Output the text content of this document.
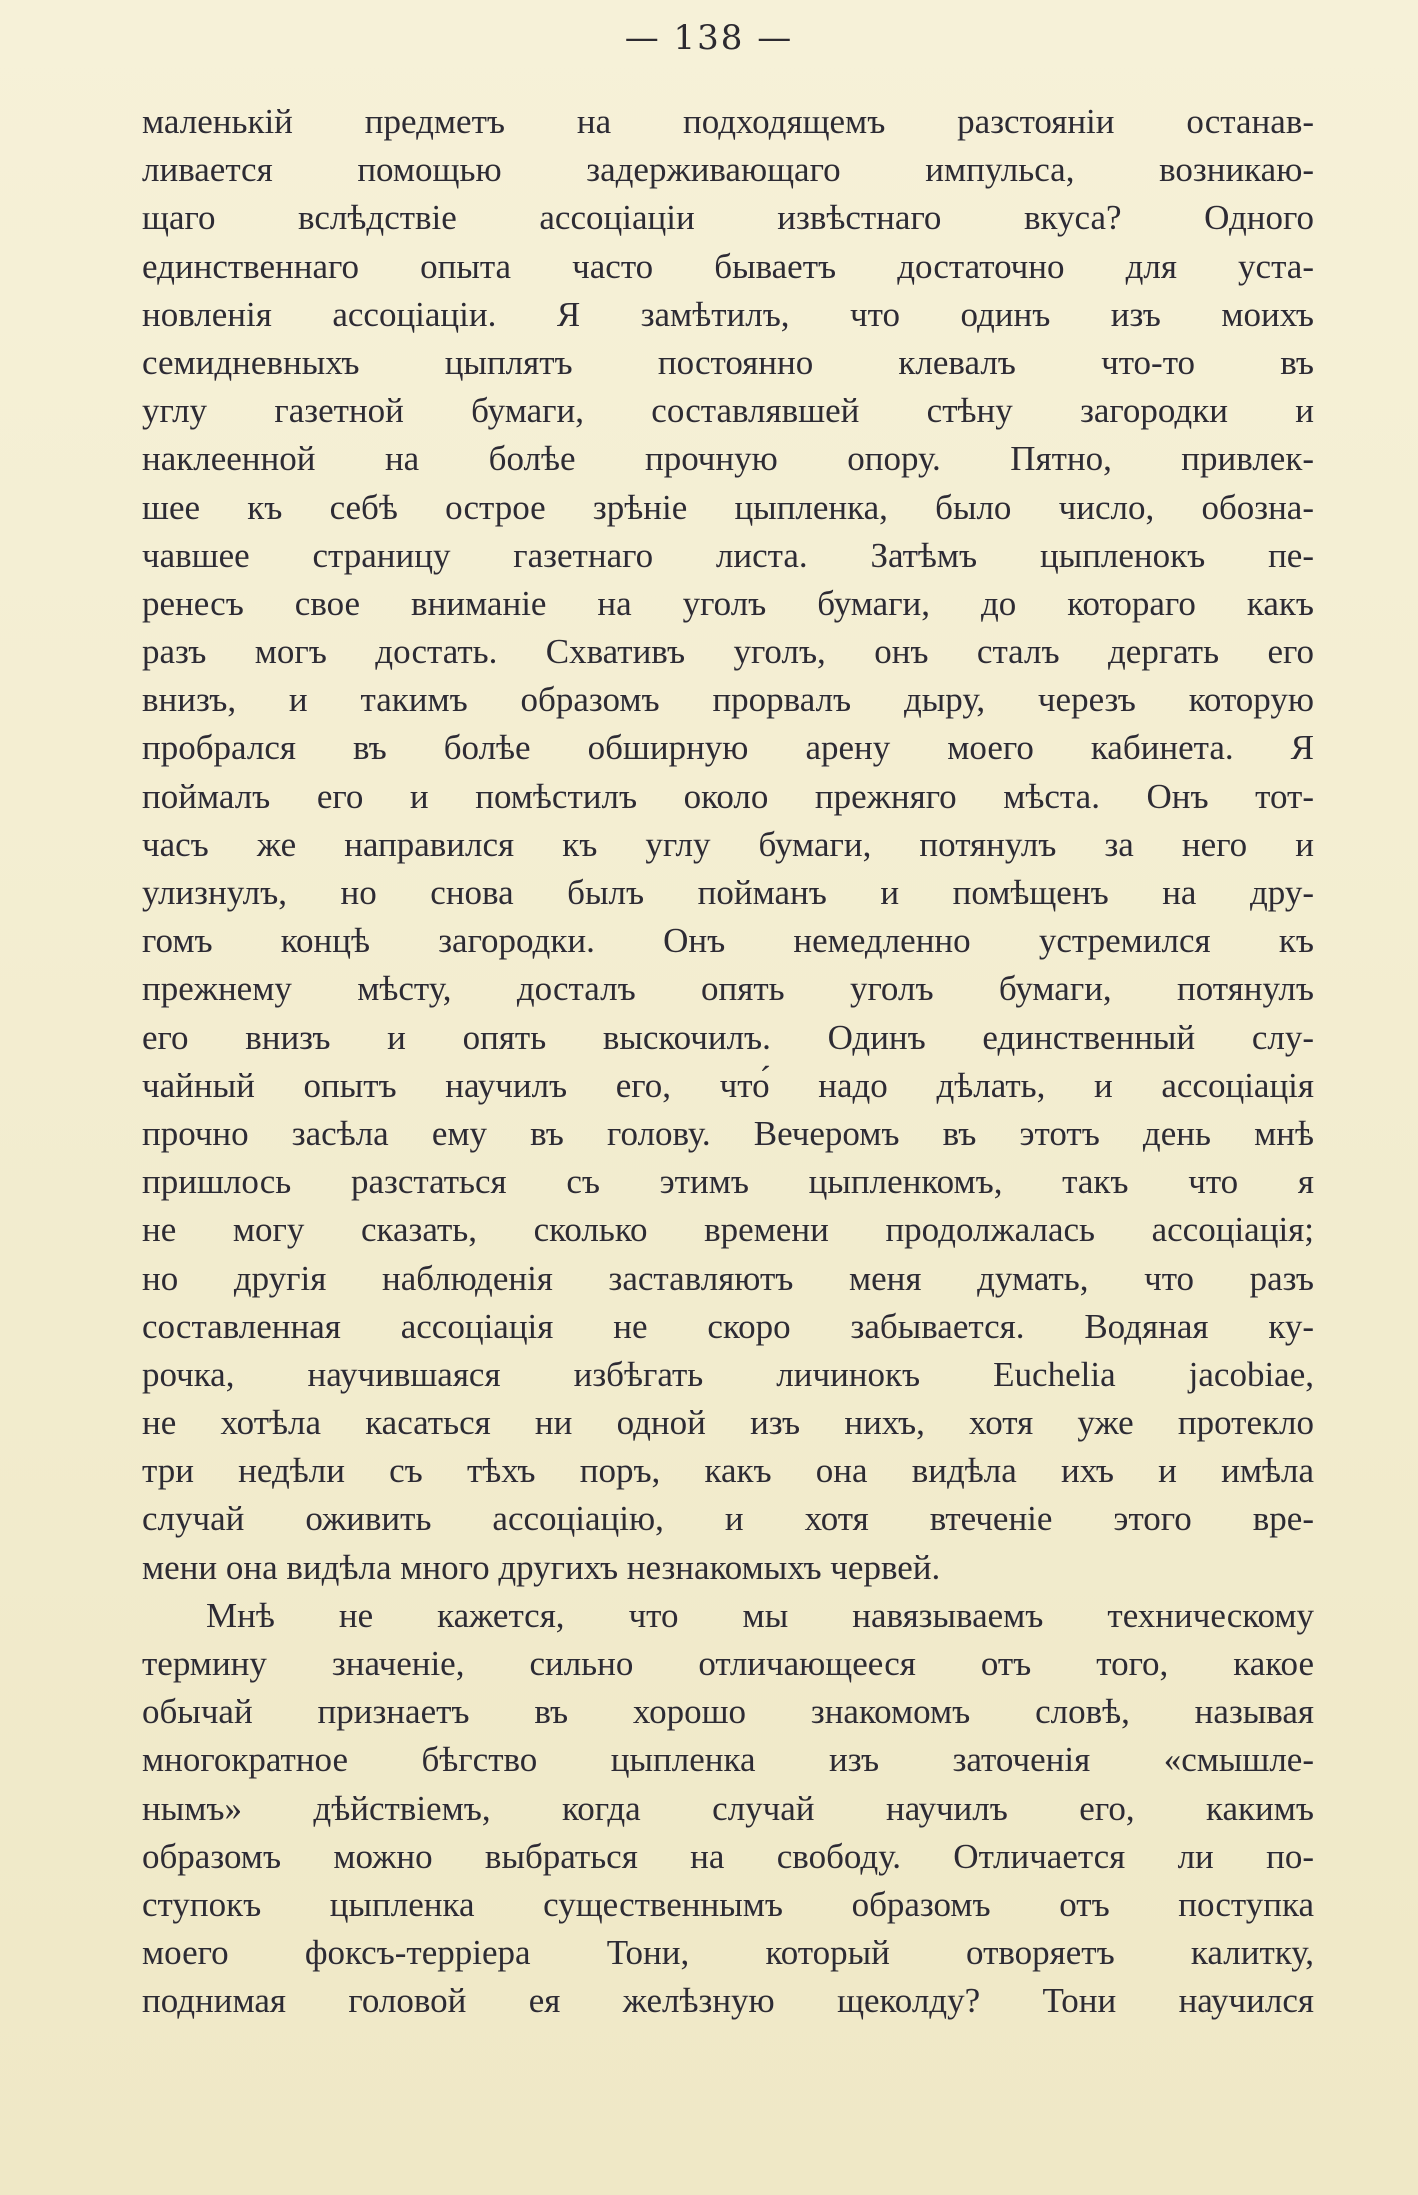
— 138 —
маленькій предметъ на подходящемъ разстояніи останав-
ливается помощью задерживающаго импульса, возникаю-
щаго вслѣдствіе ассоціаціи извѣстнаго вкуса? Одного
единственнаго опыта часто бываетъ достаточно для уста-
новленія ассоціаціи. Я замѣтилъ, что одинъ изъ моихъ
семидневныхъ цыплятъ постоянно клевалъ что-то въ
углу газетной бумаги, составлявшей стѣну загородки и
наклеенной на болѣе прочную опору. Пятно, привлек-
шее къ себѣ острое зрѣніе цыпленка, было число, обозна-
чавшее страницу газетнаго листа. Затѣмъ цыпленокъ пе-
ренесъ свое вниманіе на уголъ бумаги, до котораго какъ
разъ могъ достать. Схвативъ уголъ, онъ сталъ дергать его
внизъ, и такимъ образомъ прорвалъ дыру, черезъ которую
пробрался въ болѣе обширную арену моего кабинета. Я
поймалъ его и помѣстилъ около прежняго мѣста. Онъ тот-
часъ же направился къ углу бумаги, потянулъ за него и
улизнулъ, но снова былъ пойманъ и помѣщенъ на дру-
гомъ концѣ загородки. Онъ немедленно устремился къ
прежнему мѣсту, досталъ опять уголъ бумаги, потянулъ
его внизъ и опять выскочилъ. Одинъ единственный слу-
чайный опытъ научилъ его, что́ надо дѣлать, и ассоціація
прочно засѣла ему въ голову. Вечеромъ въ этотъ день мнѣ
пришлось разстаться съ этимъ цыпленкомъ, такъ что я
не могу сказать, сколько времени продолжалась ассоціація;
но другія наблюденія заставляютъ меня думать, что разъ
составленная ассоціація не скоро забывается. Водяная ку-
рочка, научившаяся избѣгать личинокъ Euchelia jacobiae,
не хотѣла касаться ни одной изъ нихъ, хотя уже протекло
три недѣли съ тѣхъ поръ, какъ она видѣла ихъ и имѣла
случай оживить ассоціацію, и хотя втеченіе этого вре-
мени она видѣла много другихъ незнакомыхъ червей.
Мнѣ не кажется, что мы навязываемъ техническому
термину значеніе, сильно отличающееся отъ того, какое
обычай признаетъ въ хорошо знакомомъ словѣ, называя
многократное бѣгство цыпленка изъ заточенія «смышле-
нымъ» дѣйствіемъ, когда случай научилъ его, какимъ
образомъ можно выбраться на свободу. Отличается ли по-
ступокъ цыпленка существеннымъ образомъ отъ поступка
моего фоксъ-терріера Тони, который отворяетъ калитку,
поднимая головой ея желѣзную щеколду? Тони научился
